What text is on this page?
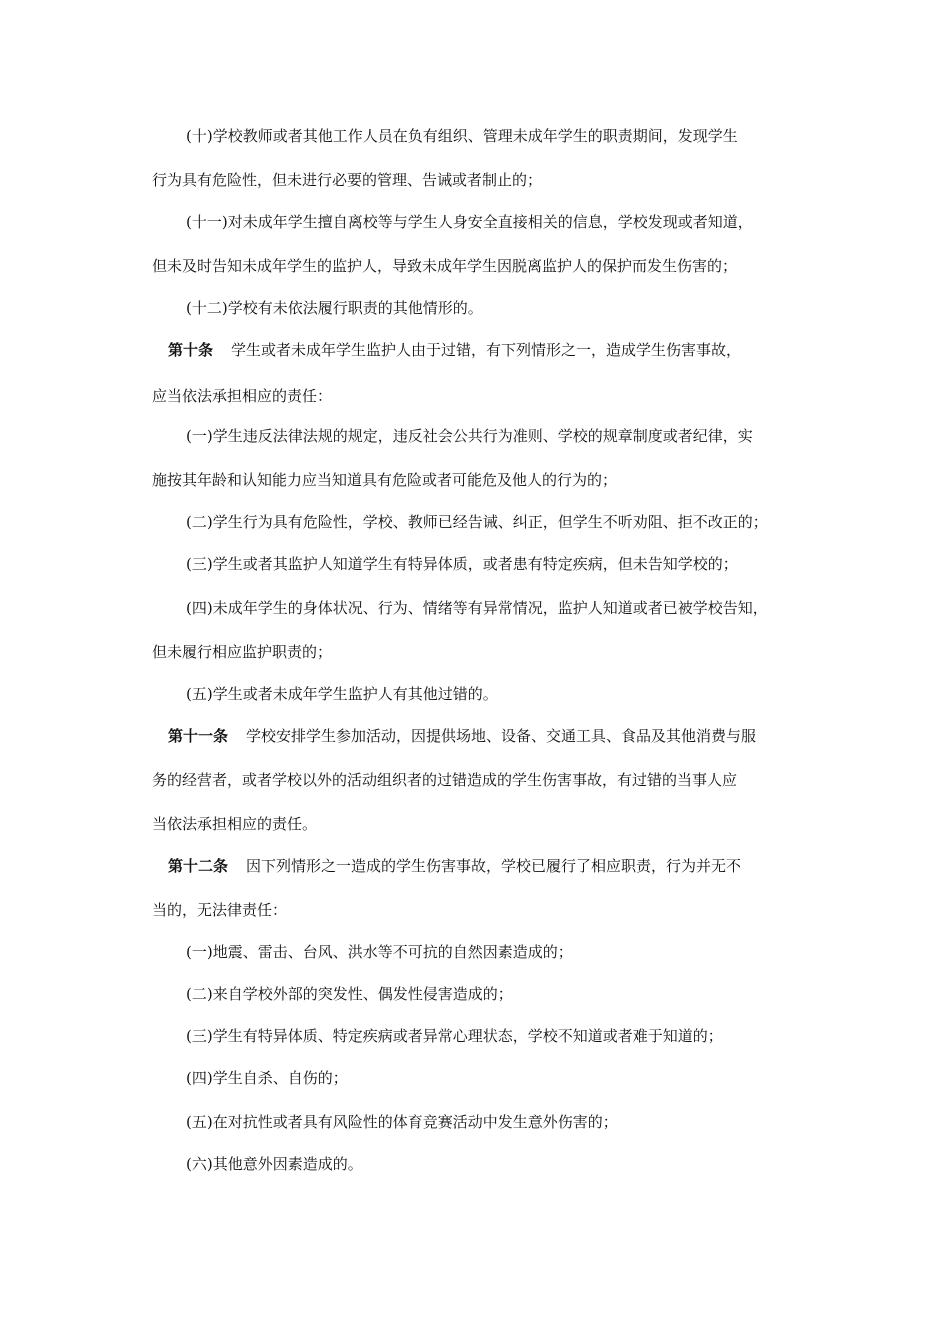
(十)学校教师或者其他工作人员在负有组织、管理未成年学生的职责期间，发现学生
行为具有危险性，但未进行必要的管理、告诫或者制止的；
(十一)对未成年学生擅自离校等与学生人身安全直接相关的信息，学校发现或者知道，
但未及时告知未成年学生的监护人，导致未成年学生因脱离监护人的保护而发生伤害的；
(十二)学校有未依法履行职责的其他情形的。
第十条 学生或者未成年学生监护人由于过错，有下列情形之一，造成学生伤害事故，
应当依法承担相应的责任：
(一)学生违反法律法规的规定，违反社会公共行为准则、学校的规章制度或者纪律，实
施按其年龄和认知能力应当知道具有危险或者可能危及他人的行为的；
(二)学生行为具有危险性，学校、教师已经告诫、纠正，但学生不听劝阻、拒不改正的；
(三)学生或者其监护人知道学生有特异体质，或者患有特定疾病，但未告知学校的；
(四)未成年学生的身体状况、行为、情绪等有异常情况，监护人知道或者已被学校告知，
但未履行相应监护职责的；
(五)学生或者未成年学生监护人有其他过错的。
第十一条 学校安排学生参加活动，因提供场地、设备、交通工具、食品及其他消费与服
务的经营者，或者学校以外的活动组织者的过错造成的学生伤害事故，有过错的当事人应
当依法承担相应的责任。
第十二条 因下列情形之一造成的学生伤害事故，学校已履行了相应职责，行为并无不
当的，无法律责任：
(一)地震、雷击、台风、洪水等不可抗的自然因素造成的；
(二)来自学校外部的突发性、偶发性侵害造成的；
(三)学生有特异体质、特定疾病或者异常心理状态，学校不知道或者难于知道的；
(四)学生自杀、自伤的；
(五)在对抗性或者具有风险性的体育竞赛活动中发生意外伤害的；
(六)其他意外因素造成的。
